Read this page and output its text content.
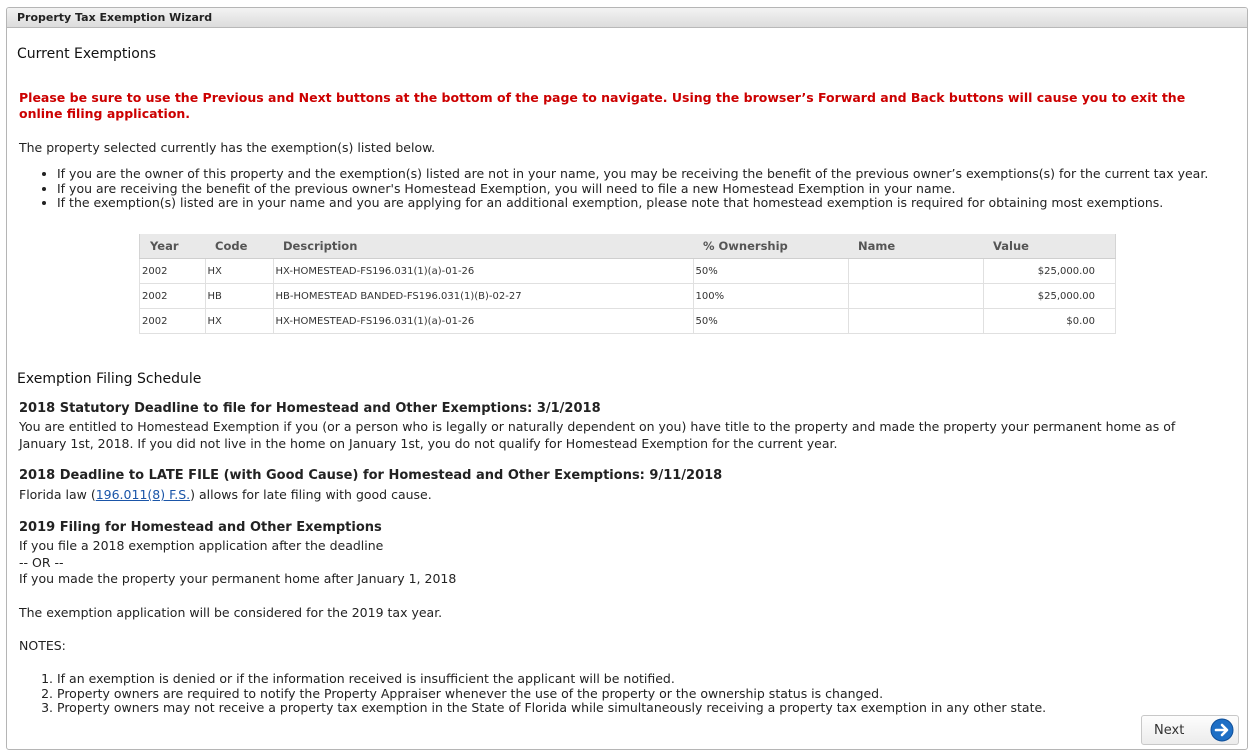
Property Tax Exemption Wizard
Current Exemptions
Please be sure to use the Previous and Next buttons at the bottom of the page to navigate. Using the browser’s Forward and Back buttons will cause you to exit the online filing application.
The property selected currently has the exemption(s) listed below.
• If you are the owner of this property and the exemption(s) listed are not in your name, you may be receiving the benefit of the previous owner’s exemptions(s) for the current tax year.
• If you are receiving the benefit of the previous owner's Homestead Exemption, you will need to file a new Homestead Exemption in your name.
• If the exemption(s) listed are in your name and you are applying for an additional exemption, please note that homestead exemption is required for obtaining most exemptions.
Year	Code	Description	% Ownership	Name	Value
2002	HX	HX-HOMESTEAD-FS196.031(1)(a)-01-26	50%		$25,000.00
2002	HB	HB-HOMESTEAD BANDED-FS196.031(1)(B)-02-27	100%		$25,000.00
2002	HX	HX-HOMESTEAD-FS196.031(1)(a)-01-26	50%		$0.00
Exemption Filing Schedule
2018 Statutory Deadline to file for Homestead and Other Exemptions: 3/1/2018
You are entitled to Homestead Exemption if you (or a person who is legally or naturally dependent on you) have title to the property and made the property your permanent home as of January 1st, 2018. If you did not live in the home on January 1st, you do not qualify for Homestead Exemption for the current year.
2018 Deadline to LATE FILE (with Good Cause) for Homestead and Other Exemptions: 9/11/2018
Florida law (196.011(8) F.S.) allows for late filing with good cause.
2019 Filing for Homestead and Other Exemptions
If you file a 2018 exemption application after the deadline
-- OR --
If you made the property your permanent home after January 1, 2018
The exemption application will be considered for the 2019 tax year.
NOTES:
1. If an exemption is denied or if the information received is insufficient the applicant will be notified.
2. Property owners are required to notify the Property Appraiser whenever the use of the property or the ownership status is changed.
3. Property owners may not receive a property tax exemption in the State of Florida while simultaneously receiving a property tax exemption in any other state.
Next
